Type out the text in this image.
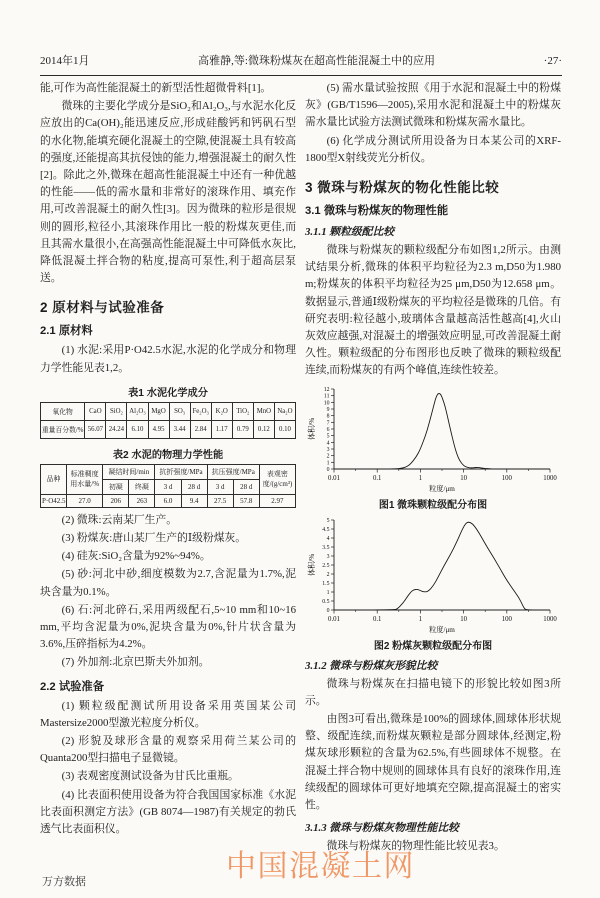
2014年1月	高雅静,等:微珠粉煤灰在超高性能混凝土中的应用	·27·

能,可作为高性能混凝土的新型活性超微骨料[1]。

微珠的主要化学成分是SiO₂和Al₂O₃,与水泥水化反应放出的Ca(OH)₂能迅速反应,形成硅酸钙和钙矾石型的水化物,能填充硬化混凝土的空隙,使混凝土具有较高的强度,还能提高其抗侵蚀的能力,增强混凝土的耐久性[2]。除此之外,微珠在超高性能混凝土中还有一种优越的性能——低的需水量和非常好的滚珠作用、填充作用,可改善混凝土的耐久性[3]。因为微珠的粒形是很规则的圆形,粒径小,其滚珠作用比一般的粉煤灰更佳,而且其需水量很小,在高强高性能混凝土中可降低水灰比,降低混凝土拌合物的粘度,提高可泵性,利于超高层泵送。

2 原材料与试验准备
2.1 原材料

(1) 水泥:采用P·O42.5水泥,水泥的化学成分和物理力学性能见表1,2。

表1 水泥化学成分
氧化物	CaO	SiO₂	Al₂O₃	MgO	SO₃	Fe₂O₃	K₂O	TiO₂	MnO	Na₂O
重量百分数/%	56.07	24.24	6.10	4.95	3.44	2.84	1.17	0.79	0.12	0.10
表2 水泥的物理力学性能
品种	标准稠度用水量/%	凝结时间/min		抗折强度/MPa		抗压强度/MPa		表观密度/(g/cm³)
		初凝	终凝	3 d	28 d	3 d	28 d	
P·O42.5	27.0	206	263	6.0	9.4	27.5	57.8	2.97

(2) 微珠:云南某厂生产。

(3) 粉煤灰:唐山某厂生产的Ⅰ级粉煤灰。

(4) 硅灰:SiO₂含量为92%~94%。

(5) 砂:河北中砂,细度模数为2.7,含泥量为1.7%,泥块含量为0.1%。

(6) 石:河北碎石,采用两级配石,5~10 mm和10~16 mm,平均含泥量为0%,泥块含量为0%,针片状含量为3.6%,压碎指标为4.2%。

(7) 外加剂:北京巴斯夫外加剂。

2.2 试验准备

(1) 颗粒级配测试所用设备采用英国某公司Mastersize2000型激光粒度分析仪。

(2) 形貌及球形含量的观察采用荷兰某公司的Quanta200型扫描电子显微镜。

(3) 表观密度测试设备为甘氏比重瓶。

(4) 比表面积使用设备为符合我国国家标准《水泥比表面积测定方法》(GB 8074—1987)有关规定的勃氏透气比表面积仪。

(5) 需水量试验按照《用于水泥和混凝土中的粉煤灰》(GB/T1596—2005),采用水泥和混凝土中的粉煤灰需水量比试验方法测试微珠和粉煤灰需水量比。

(6) 化学成分测试所用设备为日本某公司的XRF-1800型X射线荧光分析仪。

3 微珠与粉煤灰的物化性能比较
3.1 微珠与粉煤灰的物理性能
3.1.1 颗粒级配比较

微珠与粉煤灰的颗粒级配分布如图1,2所示。由测试结果分析,微珠的体积平均粒径为2.3 m,D50为1.980 m;粉煤灰的体积平均粒径为25 μm,D50为12.658 μm。数据显示,普通Ⅰ级粉煤灰的平均粒径是微珠的几倍。有研究表明:粒径越小,玻璃体含量越高活性越高[4],火山灰效应越强,对混凝土的增强效应明显,可改善混凝土耐久性。颗粒级配的分布图形也反映了微珠的颗粒级配连续,而粉煤灰的有两个峰值,连续性较差。

0
1
2
3
4
5
6
7
8
9
10
11
12
0.01	0.1	1	10	100	1000
粒度/μm
体积/%
图1 微珠颗粒级配分布图
0
0.5
1
1.5
2
2.5
3
3.5
4
4.5
5
0.01	0.1	1	10	100	1000
粒度/μm
体积/%
图2 粉煤灰颗粒级配分布图
3.1.2 微珠与粉煤灰形貌比较

微珠与粉煤灰在扫描电镜下的形貌比较如图3所示。

由图3可看出,微珠是100%的圆球体,圆球体形状规整、级配连续,而粉煤灰颗粒是部分圆球体,经测定,粉煤灰球形颗粒的含量为62.5%,有些圆球体不规整。在混凝土拌合物中规则的圆球体具有良好的滚珠作用,连续级配的圆球体可更好地填充空隙,提高混凝土的密实性。

3.1.3 微珠与粉煤灰物理性能比较

微珠与粉煤灰的物理性能比较见表3。

中国混凝土网
万方数据
